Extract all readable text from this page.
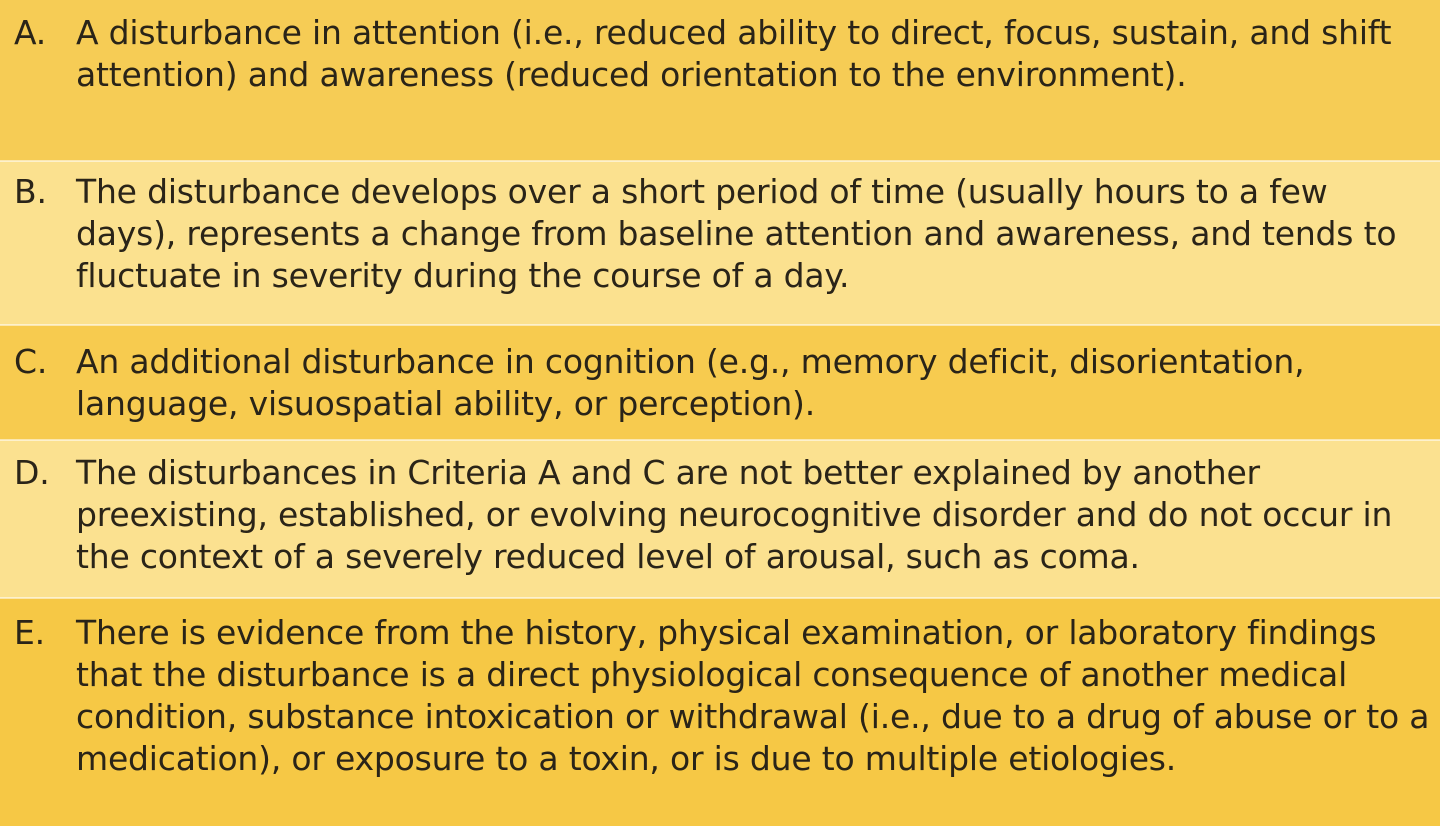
A. A disturbance in attention (i.e., reduced ability to direct, focus, sustain, and shift attention) and awareness (reduced orientation to the environment).
B. The disturbance develops over a short period of time (usually hours to a few days), represents a change from baseline attention and awareness, and tends to fluctuate in severity during the course of a day.
C. An additional disturbance in cognition (e.g., memory deficit, disorientation, language, visuospatial ability, or perception).
D. The disturbances in Criteria A and C are not better explained by another preexisting, established, or evolving neurocognitive disorder and do not occur in the context of a severely reduced level of arousal, such as coma.
E. There is evidence from the history, physical examination, or laboratory findings that the disturbance is a direct physiological consequence of another medical condition, substance intoxication or withdrawal (i.e., due to a drug of abuse or to a medication), or exposure to a toxin, or is due to multiple etiologies.
